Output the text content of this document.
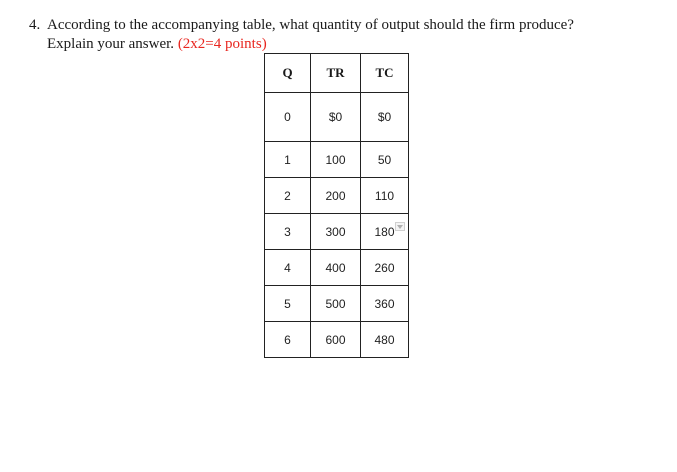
4. According to the accompanying table, what quantity of output should the firm produce?
Explain your answer. (2x2=4 points)
Q	TR	TC
0	$0	$0
1	100	50
2	200	110
3	300	180

4	400	260
5	500	360
6	600	480
